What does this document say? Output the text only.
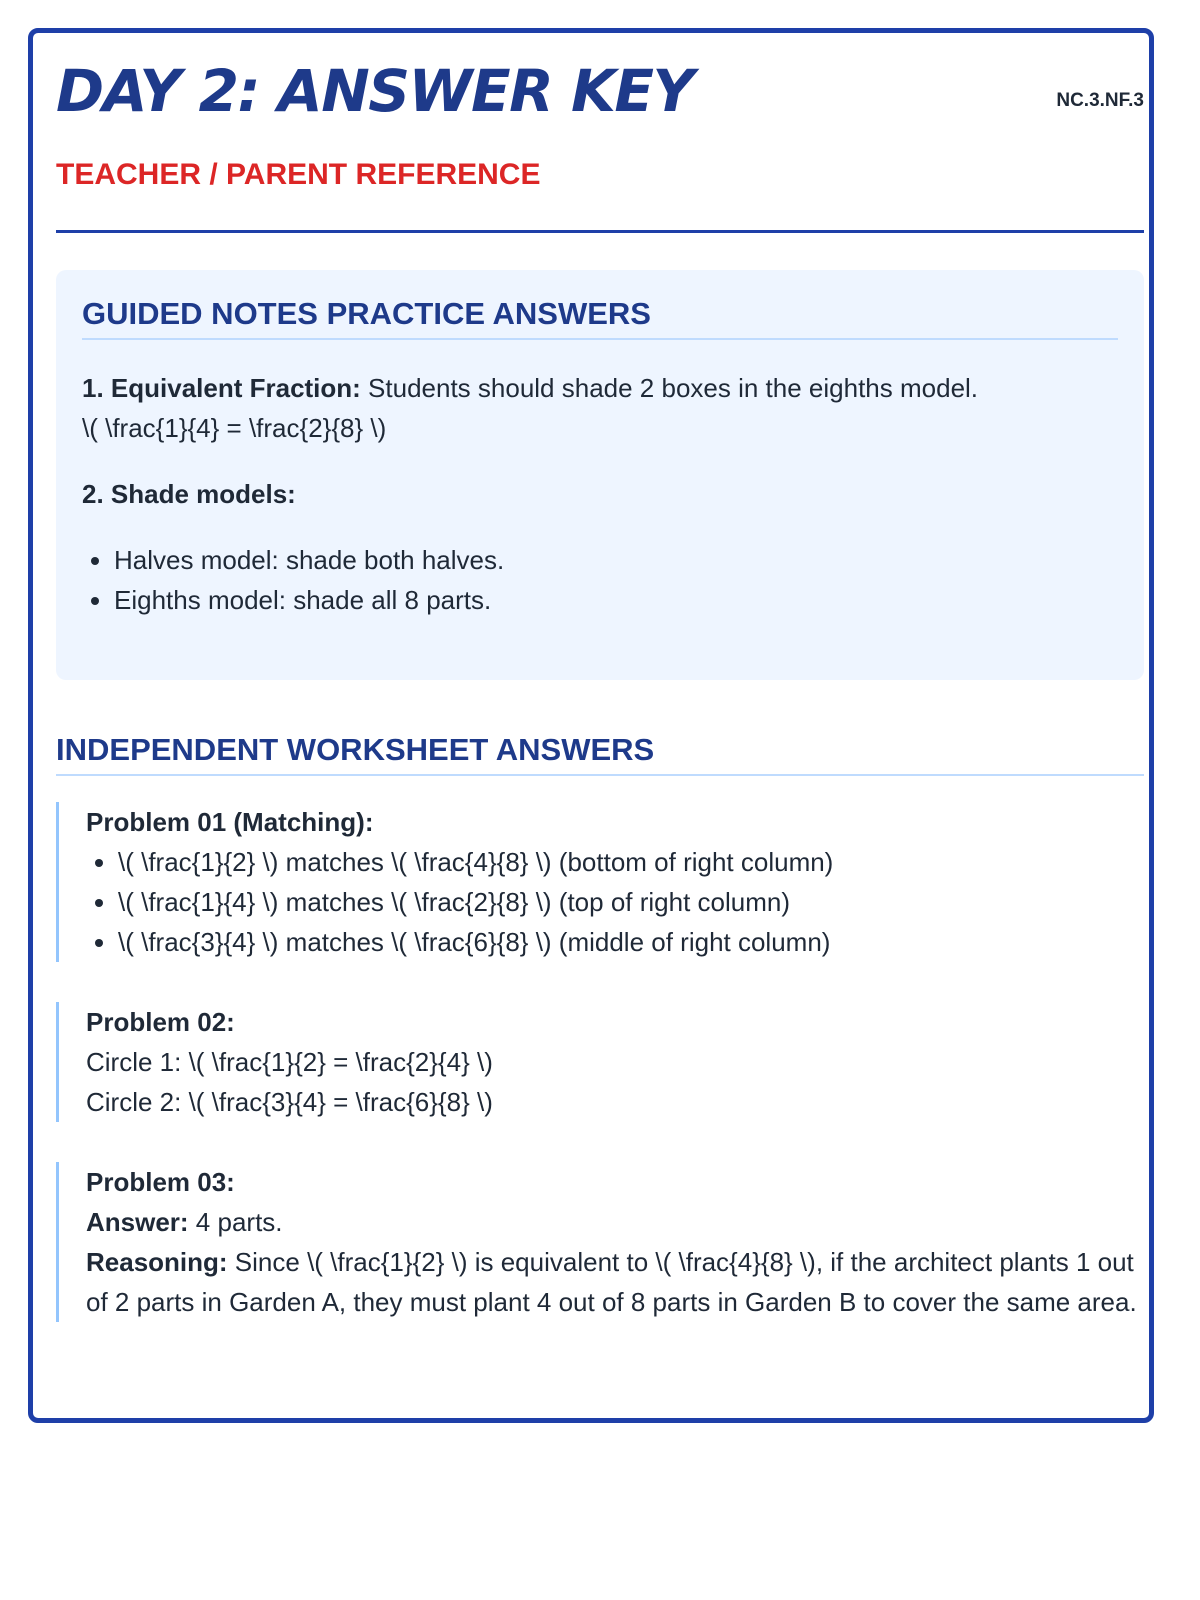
DAY 2: ANSWER KEY
TEACHER / PARENT REFERENCE
NC.3.NF.3
GUIDED NOTES PRACTICE ANSWERS

1. Equivalent Fraction: Students should shade 2 boxes in the eighths model.
\( \frac{1}{4} = \frac{2}{8} \)

2. Shade models:

• Halves model: shade both halves.
• Eighths model: shade all 8 parts.
INDEPENDENT WORKSHEET ANSWERS
Problem 01 (Matching):
• \( \frac{1}{2} \) matches \( \frac{4}{8} \) (bottom of right column)
• \( \frac{1}{4} \) matches \( \frac{2}{8} \) (top of right column)
• \( \frac{3}{4} \) matches \( \frac{6}{8} \) (middle of right column)
Problem 02:
Circle 1: \( \frac{1}{2} = \frac{2}{4} \)
Circle 2: \( \frac{3}{4} = \frac{6}{8} \)
Problem 03:
Answer: 4 parts.
Reasoning: Since \( \frac{1}{2} \) is equivalent to \( \frac{4}{8} \), if the architect plants 1 out of 2 parts in Garden A, they must plant 4 out of 8 parts in Garden B to cover the same area.
